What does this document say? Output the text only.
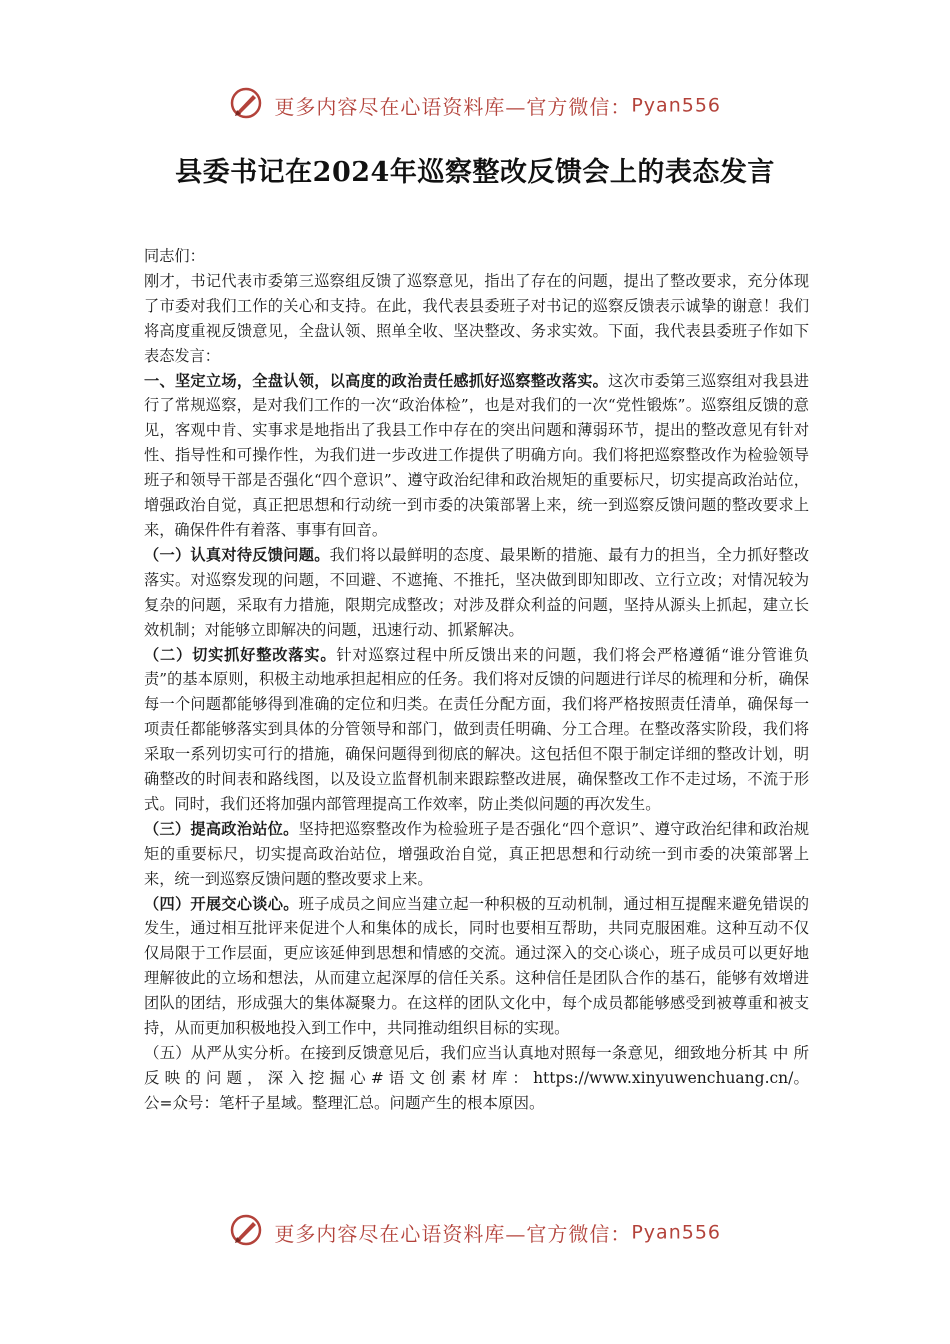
更多内容尽在心语资料库—官方微信：Pyan556
县委书记在2024年巡察整改反馈会上的表态发言

同志们：

刚才，书记代表市委第三巡察组反馈了巡察意见，指出了存在的问题，提出了整改要求，充分体现了市委对我们工作的关心和支持。在此，我代表县委班子对书记的巡察反馈表示诚挚的谢意！我们将高度重视反馈意见，全盘认领、照单全收、坚决整改、务求实效。下面，我代表县委班子作如下表态发言：

一、坚定立场，全盘认领，以高度的政治责任感抓好巡察整改落实。这次市委第三巡察组对我县进行了常规巡察，是对我们工作的一次“政治体检”，也是对我们的一次“党性锻炼”。巡察组反馈的意见，客观中肯、实事求是地指出了我县工作中存在的突出问题和薄弱环节，提出的整改意见有针对性、指导性和可操作性，为我们进一步改进工作提供了明确方向。我们将把巡察整改作为检验领导班子和领导干部是否强化“四个意识”、遵守政治纪律和政治规矩的重要标尺，切实提高政治站位，增强政治自觉，真正把思想和行动统一到市委的决策部署上来，统一到巡察反馈问题的整改要求上来，确保件件有着落、事事有回音。

（一）认真对待反馈问题。我们将以最鲜明的态度、最果断的措施、最有力的担当，全力抓好整改落实。对巡察发现的问题，不回避、不遮掩、不推托，坚决做到即知即改、立行立改；对情况较为复杂的问题，采取有力措施，限期完成整改；对涉及群众利益的问题，坚持从源头上抓起，建立长效机制；对能够立即解决的问题，迅速行动、抓紧解决。

（二）切实抓好整改落实。针对巡察过程中所反馈出来的问题，我们将会严格遵循“谁分管谁负责”的基本原则，积极主动地承担起相应的任务。我们将对反馈的问题进行详尽的梳理和分析，确保每一个问题都能够得到准确的定位和归类。在责任分配方面，我们将严格按照责任清单，确保每一项责任都能够落实到具体的分管领导和部门，做到责任明确、分工合理。在整改落实阶段，我们将采取一系列切实可行的措施，确保问题得到彻底的解决。这包括但不限于制定详细的整改计划，明确整改的时间表和路线图，以及设立监督机制来跟踪整改进展，确保整改工作不走过场，不流于形式。同时，我们还将加强内部管理提高工作效率，防止类似问题的再次发生。

（三）提高政治站位。坚持把巡察整改作为检验班子是否强化“四个意识”、遵守政治纪律和政治规矩的重要标尺，切实提高政治站位，增强政治自觉，真正把思想和行动统一到市委的决策部署上来，统一到巡察反馈问题的整改要求上来。

（四）开展交心谈心。班子成员之间应当建立起一种积极的互动机制，通过相互提醒来避免错误的发生，通过相互批评来促进个人和集体的成长，同时也要相互帮助，共同克服困难。这种互动不仅仅局限于工作层面，更应该延伸到思想和情感的交流。通过深入的交心谈心，班子成员可以更好地理解彼此的立场和想法，从而建立起深厚的信任关系。这种信任是团队合作的基石，能够有效增进团队的团结，形成强大的集体凝聚力。在这样的团队文化中，每个成员都能够感受到被尊重和被支持，从而更加积极地投入到工作中，共同推动组织目标的实现。

（五）从严从实分析。在接到反馈意见后，我们应当认真地对照每一条意见，细致地分析其 中 所 反 映 的 问 题 ， 深 入 挖 掘 心 # 语 文 创 素 材 库 ： https://www.xinyuwenchuang.cn/。公=众号：笔杆子星域。整理汇总。问题产生的根本原因。

更多内容尽在心语资料库—官方微信：Pyan556
